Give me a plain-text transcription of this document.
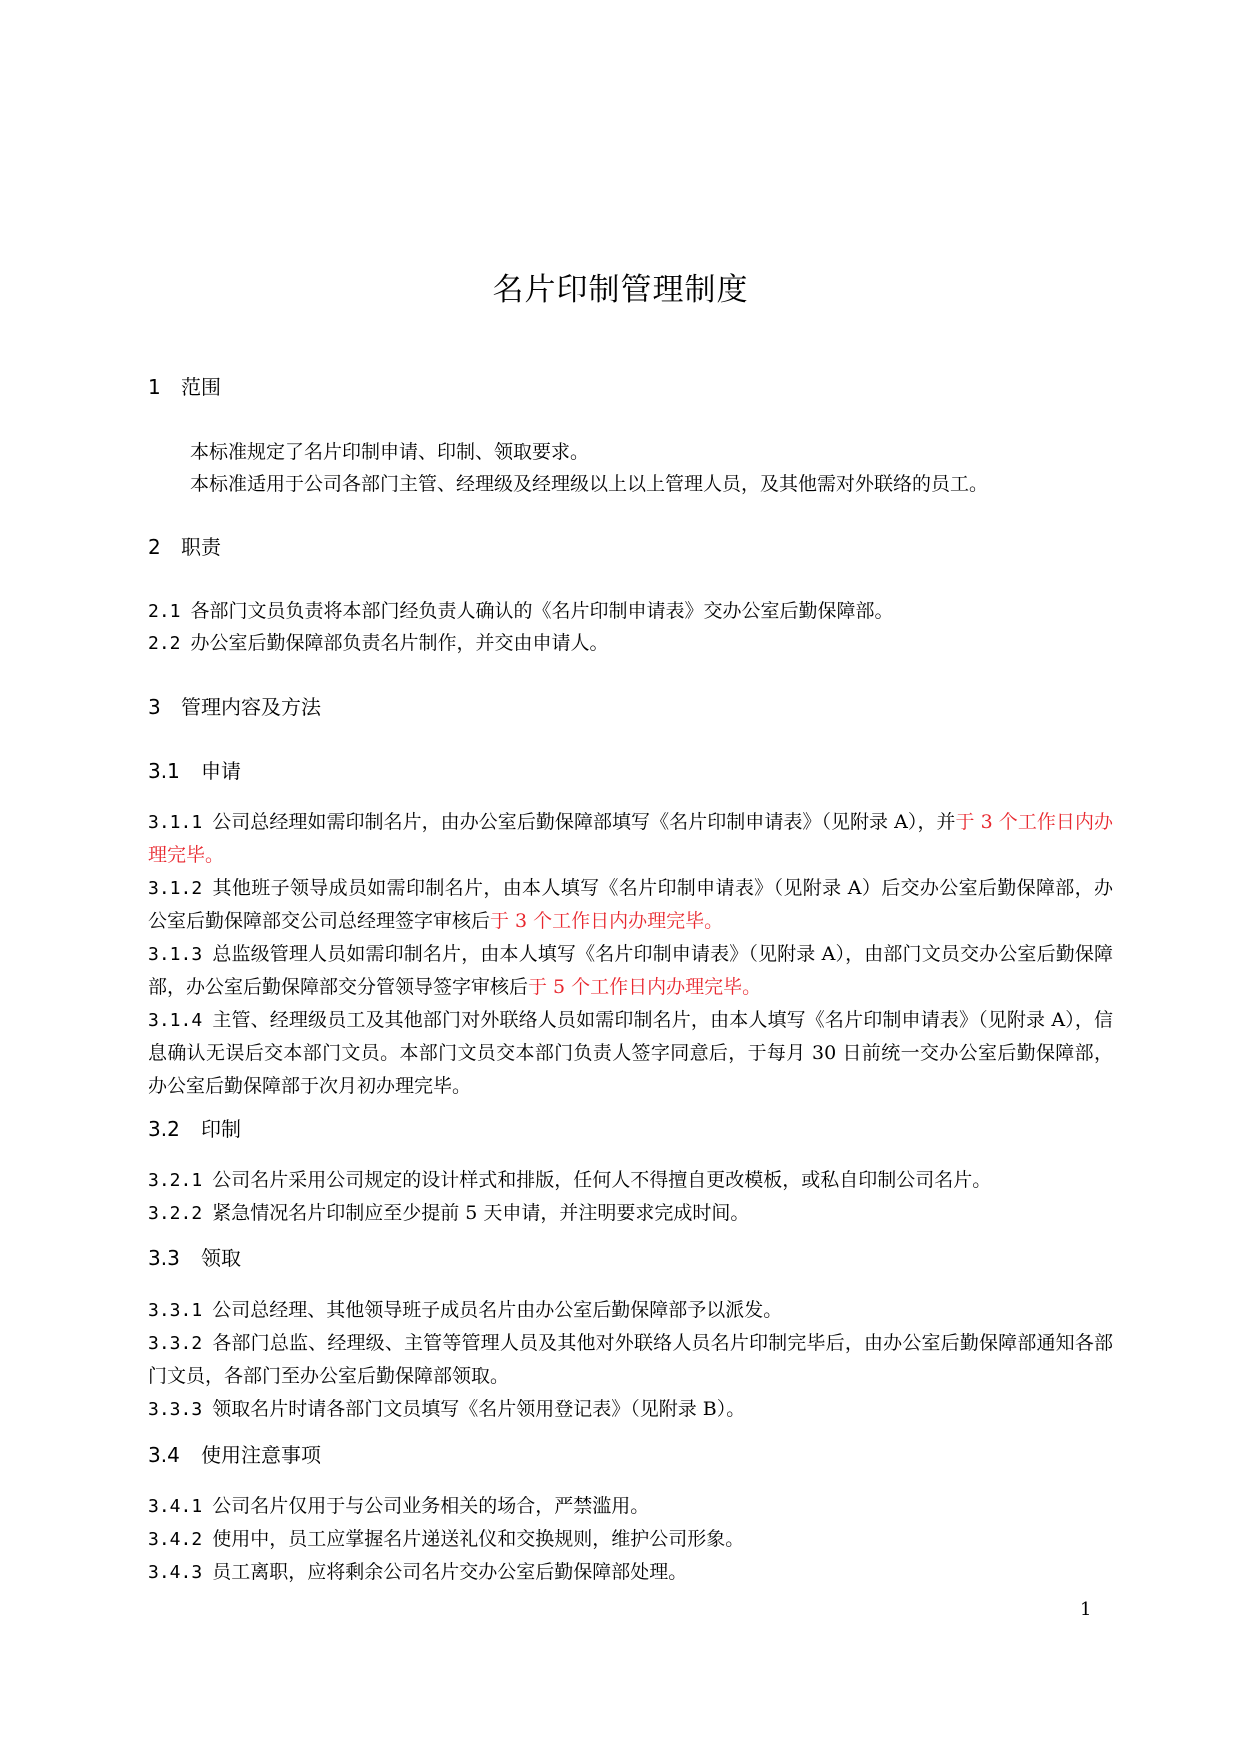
名片印制管理制度
1 范围
本标准规定了名片印制申请、印制、领取要求。
本标准适用于公司各部门主管、经理级及经理级以上以上管理人员，及其他需对外联络的员工。
2 职责
2.1 各部门文员负责将本部门经负责人确认的《名片印制申请表》交办公室后勤保障部。
2.2 办公室后勤保障部负责名片制作，并交由申请人。
3 管理内容及方法
3.1 申请
3.1.1 公司总经理如需印制名片，由办公室后勤保障部填写《名片印制申请表》（见附录 A），并于 3 个工作日内办理完毕。
3.1.2 其他班子领导成员如需印制名片，由本人填写《名片印制申请表》（见附录 A）后交办公室后勤保障部，办公室后勤保障部交公司总经理签字审核后于 3 个工作日内办理完毕。
3.1.3 总监级管理人员如需印制名片，由本人填写《名片印制申请表》（见附录 A），由部门文员交办公室后勤保障部，办公室后勤保障部交分管领导签字审核后于 5 个工作日内办理完毕。
3.1.4 主管、经理级员工及其他部门对外联络人员如需印制名片，由本人填写《名片印制申请表》（见附录 A），信息确认无误后交本部门文员。本部门文员交本部门负责人签字同意后，于每月 30 日前统一交办公室后勤保障部，办公室后勤保障部于次月初办理完毕。
3.2 印制
3.2.1 公司名片采用公司规定的设计样式和排版，任何人不得擅自更改模板，或私自印制公司名片。
3.2.2 紧急情况名片印制应至少提前 5 天申请，并注明要求完成时间。
3.3 领取
3.3.1 公司总经理、其他领导班子成员名片由办公室后勤保障部予以派发。
3.3.2 各部门总监、经理级、主管等管理人员及其他对外联络人员名片印制完毕后，由办公室后勤保障部通知各部门文员，各部门至办公室后勤保障部领取。
3.3.3 领取名片时请各部门文员填写《名片领用登记表》（见附录 B）。
3.4 使用注意事项
3.4.1 公司名片仅用于与公司业务相关的场合，严禁滥用。
3.4.2 使用中，员工应掌握名片递送礼仪和交换规则，维护公司形象。
3.4.3 员工离职，应将剩余公司名片交办公室后勤保障部处理。
1
